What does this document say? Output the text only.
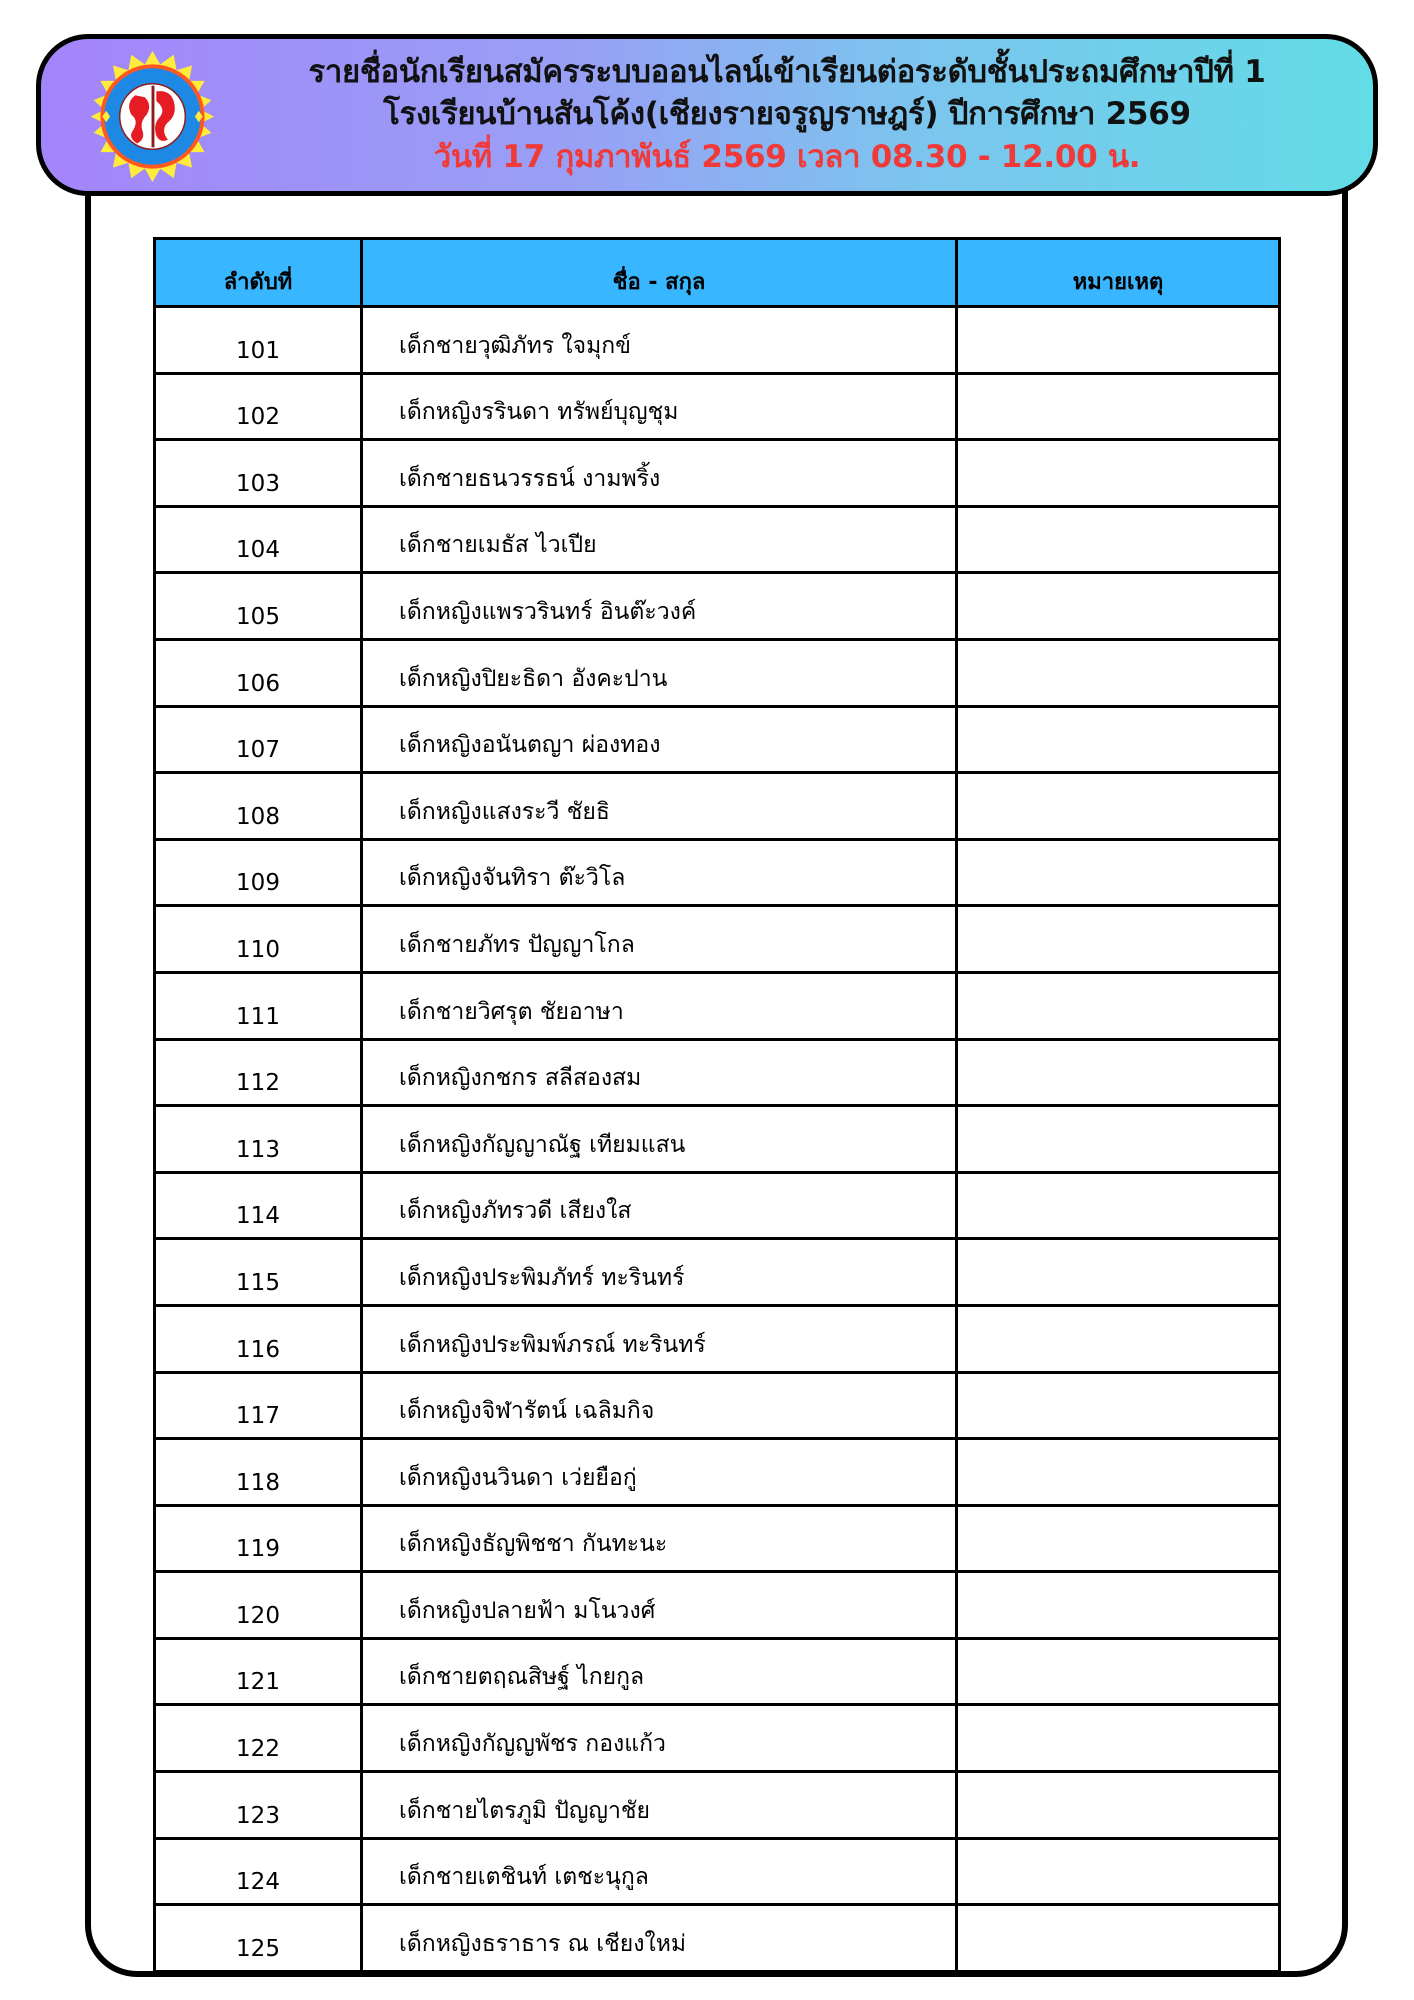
รายชื่อนักเรียนสมัครระบบออนไลน์เข้าเรียนต่อระดับชั้นประถมศึกษาปีที่ 1
โรงเรียนบ้านสันโค้ง(เชียงรายจรูญราษฎร์) ปีการศึกษา 2569
วันที่ 17 กุมภาพันธ์ 2569 เวลา 08.30 - 12.00 น.
ลำดับที่	ชื่อ - สกุล	หมายเหตุ
101	เด็กชายวุฒิภัทร ใจมุกข์	
102	เด็กหญิงรรินดา ทรัพย์บุญชุม	
103	เด็กชายธนวรรธน์ งามพริ้ง	
104	เด็กชายเมธัส ไวเปีย	
105	เด็กหญิงแพรวรินทร์ อินต๊ะวงค์	
106	เด็กหญิงปิยะธิดา อังคะปาน	
107	เด็กหญิงอนันตญา ผ่องทอง	
108	เด็กหญิงแสงระวี ชัยธิ	
109	เด็กหญิงจันทิรา ต๊ะวิโล	
110	เด็กชายภัทร ปัญญาโกล	
111	เด็กชายวิศรุต ชัยอาษา	
112	เด็กหญิงกชกร สลีสองสม	
113	เด็กหญิงกัญญาณัฐ เทียมแสน	
114	เด็กหญิงภัทรวดี เสียงใส	
115	เด็กหญิงประพิมภัทร์ ทะรินทร์	
116	เด็กหญิงประพิมพ์ภรณ์ ทะรินทร์	
117	เด็กหญิงจิฬารัตน์ เฉลิมกิจ	
118	เด็กหญิงนวินดา เว่ยยือกู่	
119	เด็กหญิงธัญพิชชา กันทะนะ	
120	เด็กหญิงปลายฟ้า มโนวงศ์	
121	เด็กชายตฤณสิษฐ์ ไกยกูล	
122	เด็กหญิงกัญญพัชร กองแก้ว	
123	เด็กชายไตรภูมิ ปัญญาชัย	
124	เด็กชายเตชินท์ เตชะนุกูล	
125	เด็กหญิงธราธาร ณ เชียงใหม่	
